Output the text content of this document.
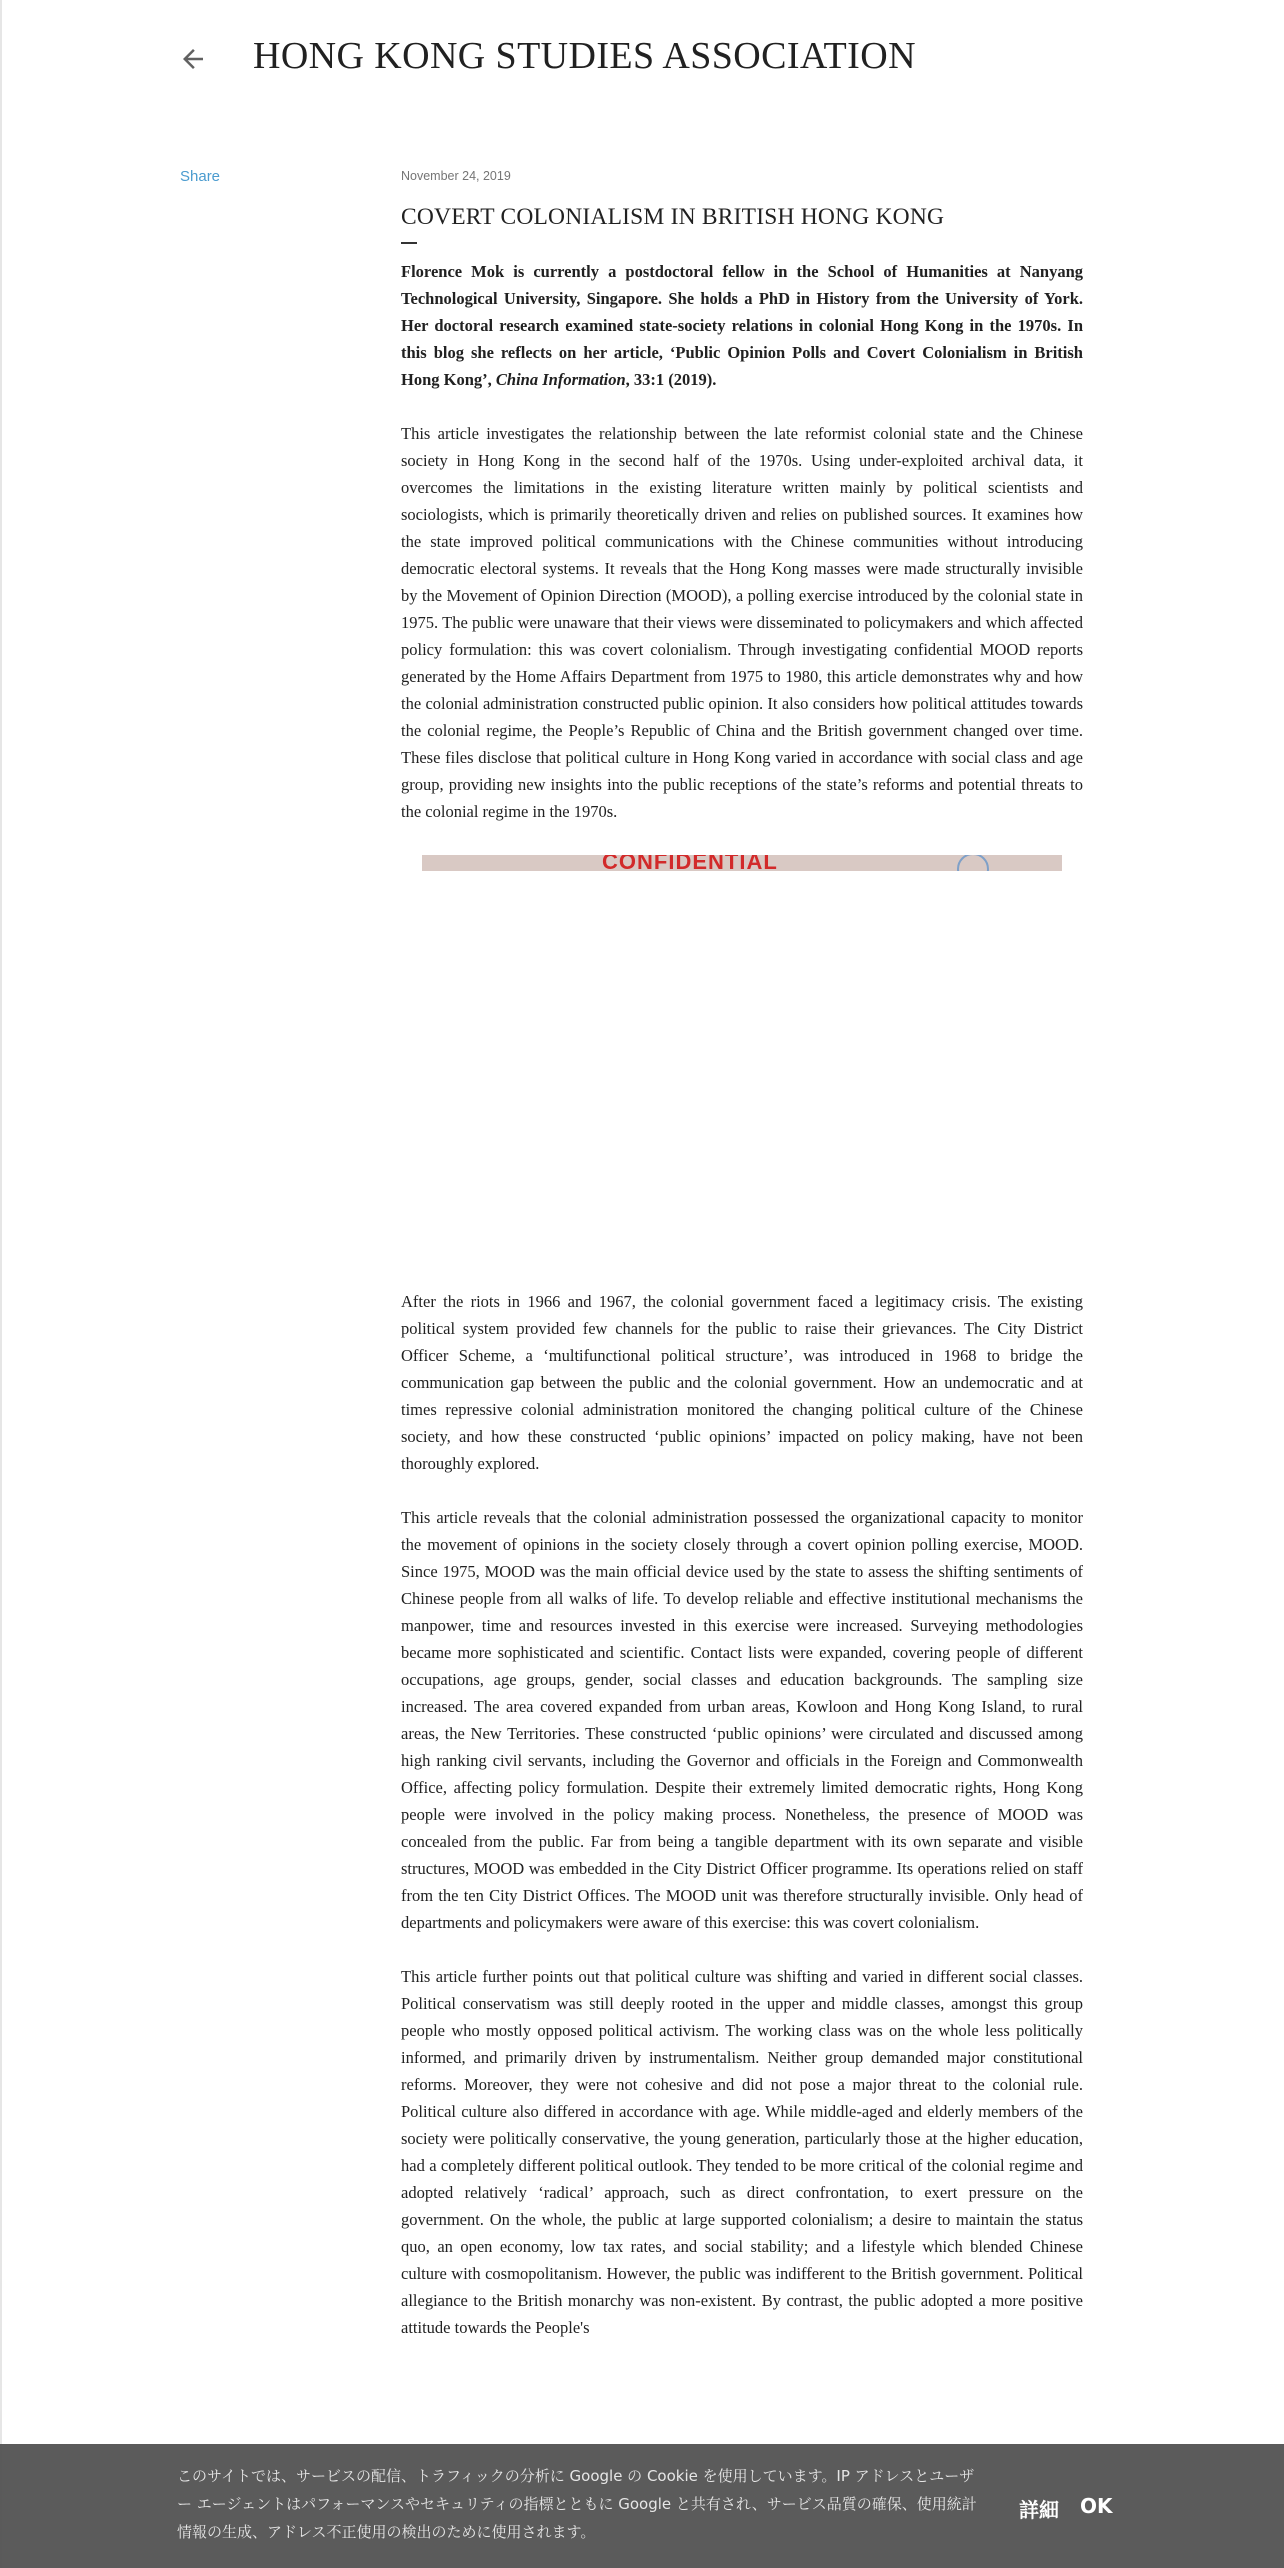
HONG KONG STUDIES ASSOCIATION
Share	November 24, 2019
COVERT COLONIALISM IN BRITISH HONG KONG

Florence Mok is currently a postdoctoral fellow in the School of Humanities at Nanyang Technological University, Singapore. She holds a PhD in History from the University of York. Her doctoral research examined state-society relations in colonial Hong Kong in the 1970s. In this blog she reflects on her article, ‘Public Opinion Polls and Covert Colonialism in British Hong Kong’, China Information, 33:1 (2019).

This article investigates the relationship between the late reformist colonial state and the Chinese society in Hong Kong in the second half of the 1970s. Using under-exploited archival data, it overcomes the limitations in the existing literature written mainly by political scientists and sociologists, which is primarily theoretically driven and relies on published sources. It examines how the state improved political communications with the Chinese communities without introducing democratic electoral systems. It reveals that the Hong Kong masses were made structurally invisible by the Movement of Opinion Direction (MOOD), a polling exercise introduced by the colonial state in 1975. The public were unaware that their views were disseminated to policymakers and which affected policy formulation: this was covert colonialism. Through investigating confidential MOOD reports generated by the Home Affairs Department from 1975 to 1980, this article demonstrates why and how the colonial administration constructed public opinion. It also considers how political attitudes towards the colonial regime, the People’s Republic of China and the British government changed over time. These files disclose that political culture in Hong Kong varied in accordance with social class and age group, providing new insights into the public receptions of the state’s reforms and potential threats to the colonial regime in the 1970s.

CONFIDENTIAL

After the riots in 1966 and 1967, the colonial government faced a legitimacy crisis. The existing political system provided few channels for the public to raise their grievances. The City District Officer Scheme, a ‘multifunctional political structure’, was introduced in 1968 to bridge the communication gap between the public and the colonial government. How an undemocratic and at times repressive colonial administration monitored the changing political culture of the Chinese society, and how these constructed ‘public opinions’ impacted on policy making, have not been thoroughly explored.

This article reveals that the colonial administration possessed the organizational capacity to monitor the movement of opinions in the society closely through a covert opinion polling exercise, MOOD. Since 1975, MOOD was the main official device used by the state to assess the shifting sentiments of Chinese people from all walks of life. To develop reliable and effective institutional mechanisms the manpower, time and resources invested in this exercise were increased. Surveying methodologies became more sophisticated and scientific. Contact lists were expanded, covering people of different occupations, age groups, gender, social classes and education backgrounds. The sampling size increased. The area covered expanded from urban areas, Kowloon and Hong Kong Island, to rural areas, the New Territories. These constructed ‘public opinions’ were circulated and discussed among high ranking civil servants, including the Governor and officials in the Foreign and Commonwealth Office, affecting policy formulation. Despite their extremely limited democratic rights, Hong Kong people were involved in the policy making process. Nonetheless, the presence of MOOD was concealed from the public. Far from being a tangible department with its own separate and visible structures, MOOD was embedded in the City District Officer programme. Its operations relied on staff from the ten City District Offices. The MOOD unit was therefore structurally invisible. Only head of departments and policymakers were aware of this exercise: this was covert colonialism.

This article further points out that political culture was shifting and varied in different social classes. Political conservatism was still deeply rooted in the upper and middle classes, amongst this group people who mostly opposed political activism. The working class was on the whole less politically informed, and primarily driven by instrumentalism. Neither group demanded major constitutional reforms. Moreover, they were not cohesive and did not pose a major threat to the colonial rule. Political culture also differed in accordance with age. While middle-aged and elderly members of the society were politically conservative, the young generation, particularly those at the higher education, had a completely different political outlook. They tended to be more critical of the colonial regime and adopted relatively ‘radical’ approach, such as direct confrontation, to exert pressure on the government. On the whole, the public at large supported colonialism; a desire to maintain the status quo, an open economy, low tax rates, and social stability; and a lifestyle which blended Chinese culture with cosmopolitanism. However, the public was indifferent to the British government. Political allegiance to the British monarchy was non-existent. By contrast, the public adopted a more positive attitude towards the People's

このサイトでは、サービスの配信、トラフィックの分析に Google の Cookie を使用しています。IP アドレスとユーザー エージェントはパフォーマンスやセキュリティの指標とともに Google と共有され、サービス品質の確保、使用統計情報の生成、アドレス不正使用の検出のために使用されます。

詳細 OK
